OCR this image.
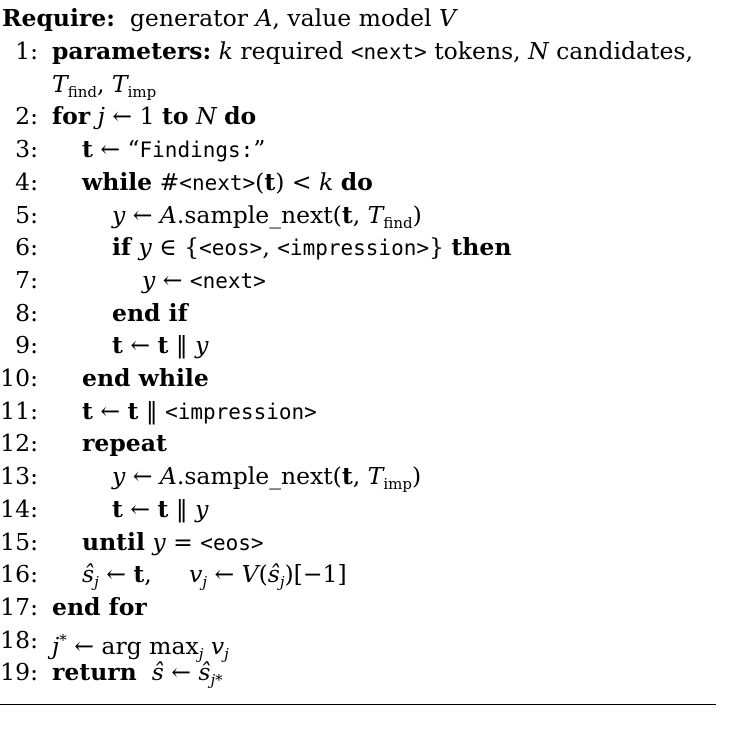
Require:  generator A, value model V
1: parameters: k required <next> tokens, N candidates,
$T_{find}$, $T_{imp}$
2: for j ← 1 to N do
3: t ← “Findings:”
4: while #<next>(t) < k do
5:	y ← A.sample_next(t, $T_{find}$)
6:	if y ∈ {<eos>, <impression>} then
7:	y ← <next>
8:	end if
9:	t ← t ‖ y
10: end while
11: t ← t ‖ <impression>
12: repeat
13:	y ← A.sample_next(t, $T_{imp}$)
14:	t ← t ‖ y
15: until y = <eos>
16: $ŝ_j$ ← t,     $v_j$ ← $V(ŝ_j)[-1]$
17: end for
18: j* ← arg $\max_j v_j$
19: return ŝ ← $ŝ_{j*}$
